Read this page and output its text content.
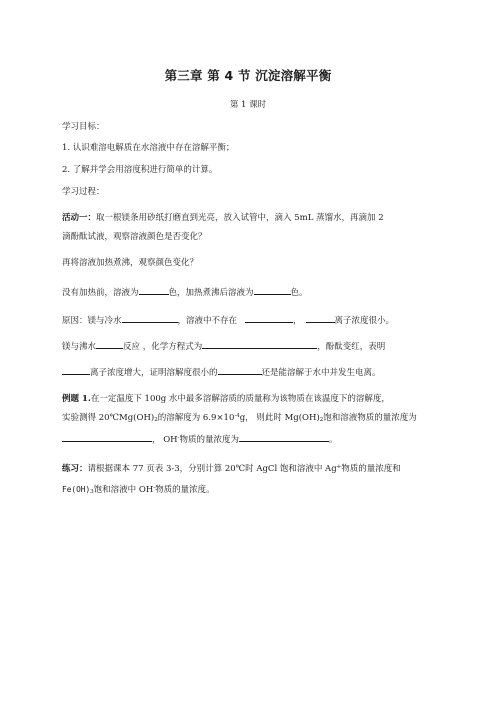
第三章 第 4 节 沉淀溶解平衡
第 1 课时
学习目标：
1. 认识难溶电解质在水溶液中存在溶解平衡；
2. 了解并学会用溶度积进行简单的计算。
学习过程：
活动一：取一根镁条用砂纸打磨直到光亮，放入试管中，滴入 5mL 蒸馏水，再滴加 2
滴酚酞试液，观察溶液颜色是否变化？
再将溶液加热煮沸，观察颜色变化？
没有加热前，溶液为	色，加热煮沸后溶液为	色。
原因：镁与冷水	，溶液中不存在	，	离子浓度很小。
镁与沸水	反应 ，化学方程式为	，酚酞变红，表明
离子浓度增大，证明溶解度很小的	还是能溶解于水中并发生电离。
例题 1.在一定温度下 100g 水中最多溶解溶质的质量称为该物质在该温度下的溶解度，
实验测得 $20℃Mg(OH)_2$的溶解度为 $6.9\times 10^{-4}g$， 则此时 $Mg(OH)_2$饱和溶液物质的量浓度为
， OH-物质的量浓度为	。
练习：请根据课本 77 页表 3-3，分别计算 20℃时 AgCl 饱和溶液中 Ag+物质的量浓度和
$Fe(OH)_3$饱和溶液中 OH-物质的量浓度。
